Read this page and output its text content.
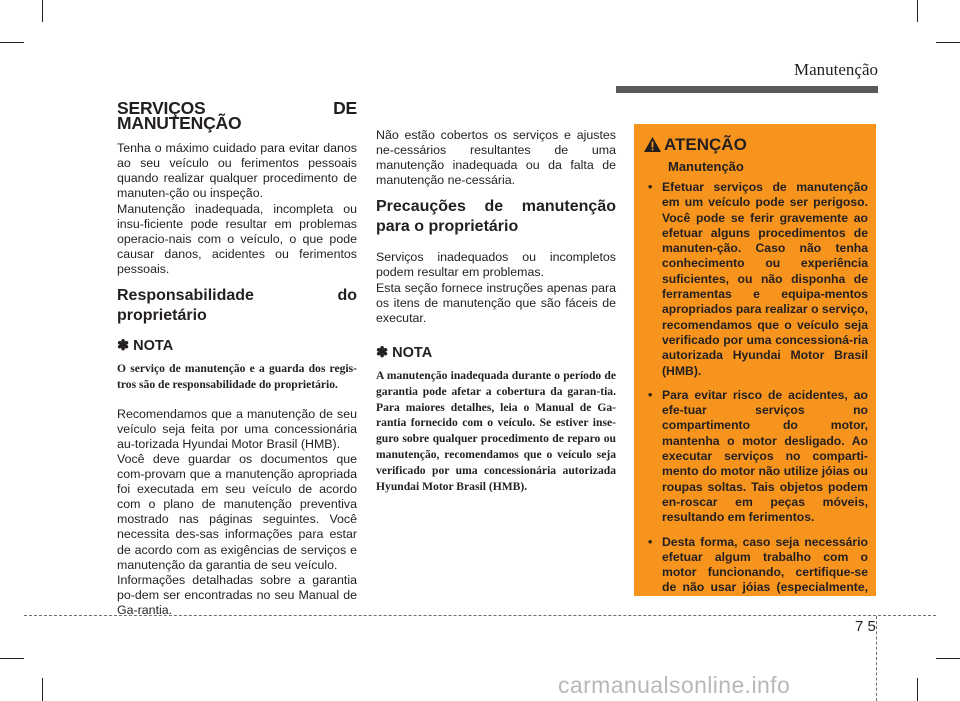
Manutenção
SERVIÇOS DE MANUTENÇÃO

Tenha o máximo cuidado para evitar danos ao seu veículo ou ferimentos pessoais quando realizar qualquer procedimento de manuten-ção ou inspeção.

Manutenção inadequada, incompleta ou insu-ficiente pode resultar em problemas operacio-nais com o veículo, o que pode causar danos, acidentes ou ferimentos pessoais.

Responsabilidade do proprietário
✽ NOTA

O serviço de manutenção e a guarda dos regis-tros são de responsabilidade do proprietário.

Recomendamos que a manutenção de seu veículo seja feita por uma concessionária au-torizada Hyundai Motor Brasil (HMB).

Você deve guardar os documentos que com-provam que a manutenção apropriada foi executada em seu veículo de acordo com o plano de manutenção preventiva mostrado nas páginas seguintes. Você necessita des-sas informações para estar de acordo com as exigências de serviços e manutenção da garantia de seu veículo.

Informações detalhadas sobre a garantia po-dem ser encontradas no seu Manual de Ga-rantia.

Não estão cobertos os serviços e ajustes ne-cessários resultantes de uma manutenção inadequada ou da falta de manutenção ne-cessária.

Precauções de manutenção para o proprietário

Serviços inadequados ou incompletos podem resultar em problemas.

Esta seção fornece instruções apenas para os itens de manutenção que são fáceis de executar.

✽ NOTA

A manutenção inadequada durante o período de garantia pode afetar a cobertura da garan-tia. Para maiores detalhes, leia o Manual de Ga-rantia fornecido com o veículo. Se estiver inse-guro sobre qualquer procedimento de reparo ou manutenção, recomendamos que o veículo seja verificado por uma concessionária autorizada Hyundai Motor Brasil (HMB).

ATENÇÃO
Manutenção
• Efetuar serviços de manutenção em um veículo pode ser perigoso. Você pode se ferir gravemente ao efetuar alguns procedimentos de manuten-ção. Caso não tenha conhecimento ou experiência suficientes, ou não disponha de ferramentas e equipa-mentos apropriados para realizar o serviço, recomendamos que o veículo seja verificado por uma concessioná-ria autorizada Hyundai Motor Brasil (HMB).
• Para evitar risco de acidentes, ao efe-tuar serviços no compartimento do motor, mantenha o motor desligado. Ao executar serviços no comparti-mento do motor não utilize jóias ou roupas soltas. Tais objetos podem en-roscar em peças móveis, resultando em ferimentos.
• Desta forma, caso seja necessário efetuar algum trabalho com o motor funcionando, certifique-se de não usar jóias (especialmente,
7 5
carmanualsonline.info
